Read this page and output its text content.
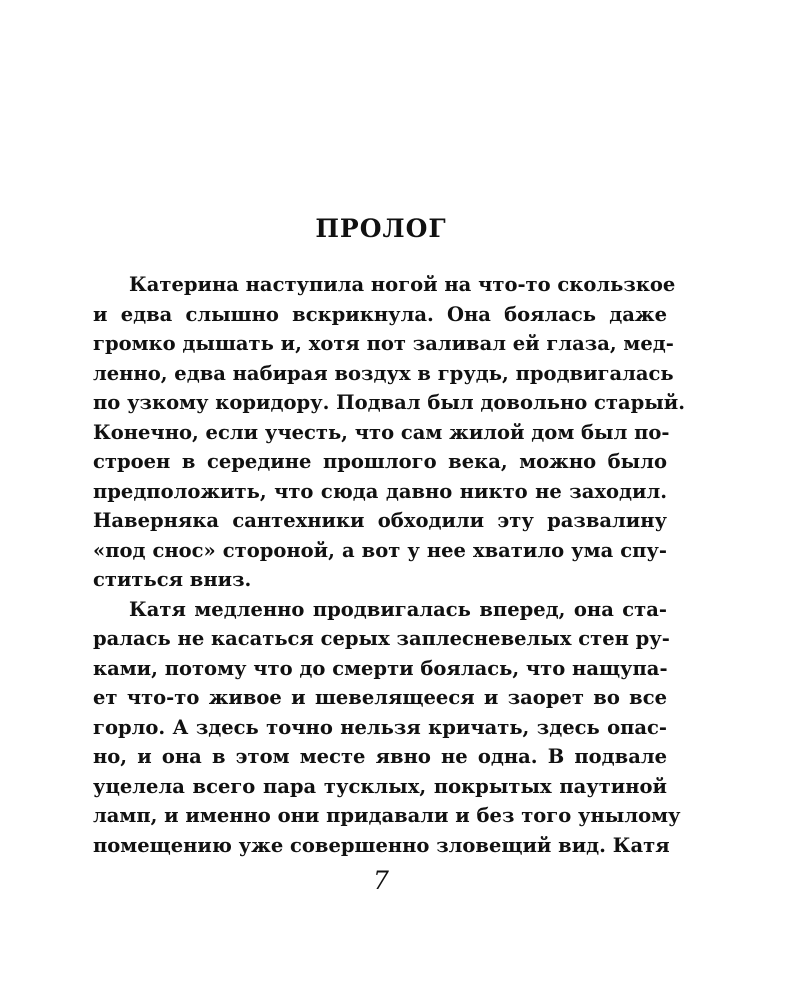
ПРОЛОГ
Катерина наступила ногой на что-то скользкое
и едва слышно вскрикнула. Она боялась даже
громко дышать и, хотя пот заливал ей глаза, мед-
ленно, едва набирая воздух в грудь, продвигалась
по узкому коридору. Подвал был довольно старый.
Конечно, если учесть, что сам жилой дом был по-
строен в середине прошлого века, можно было
предположить, что сюда давно никто не заходил.
Наверняка сантехники обходили эту развалину
«под снос» стороной, а вот у нее хватило ума спу-
ститься вниз.
Катя медленно продвигалась вперед, она ста-
ралась не касаться серых заплесневелых стен ру-
ками, потому что до смерти боялась, что нащупа-
ет что-то живое и шевелящееся и заорет во все
горло. А здесь точно нельзя кричать, здесь опас-
но, и она в этом месте явно не одна. В подвале
уцелела всего пара тусклых, покрытых паутиной
ламп, и именно они придавали и без того унылому
помещению уже совершенно зловещий вид. Катя
7
